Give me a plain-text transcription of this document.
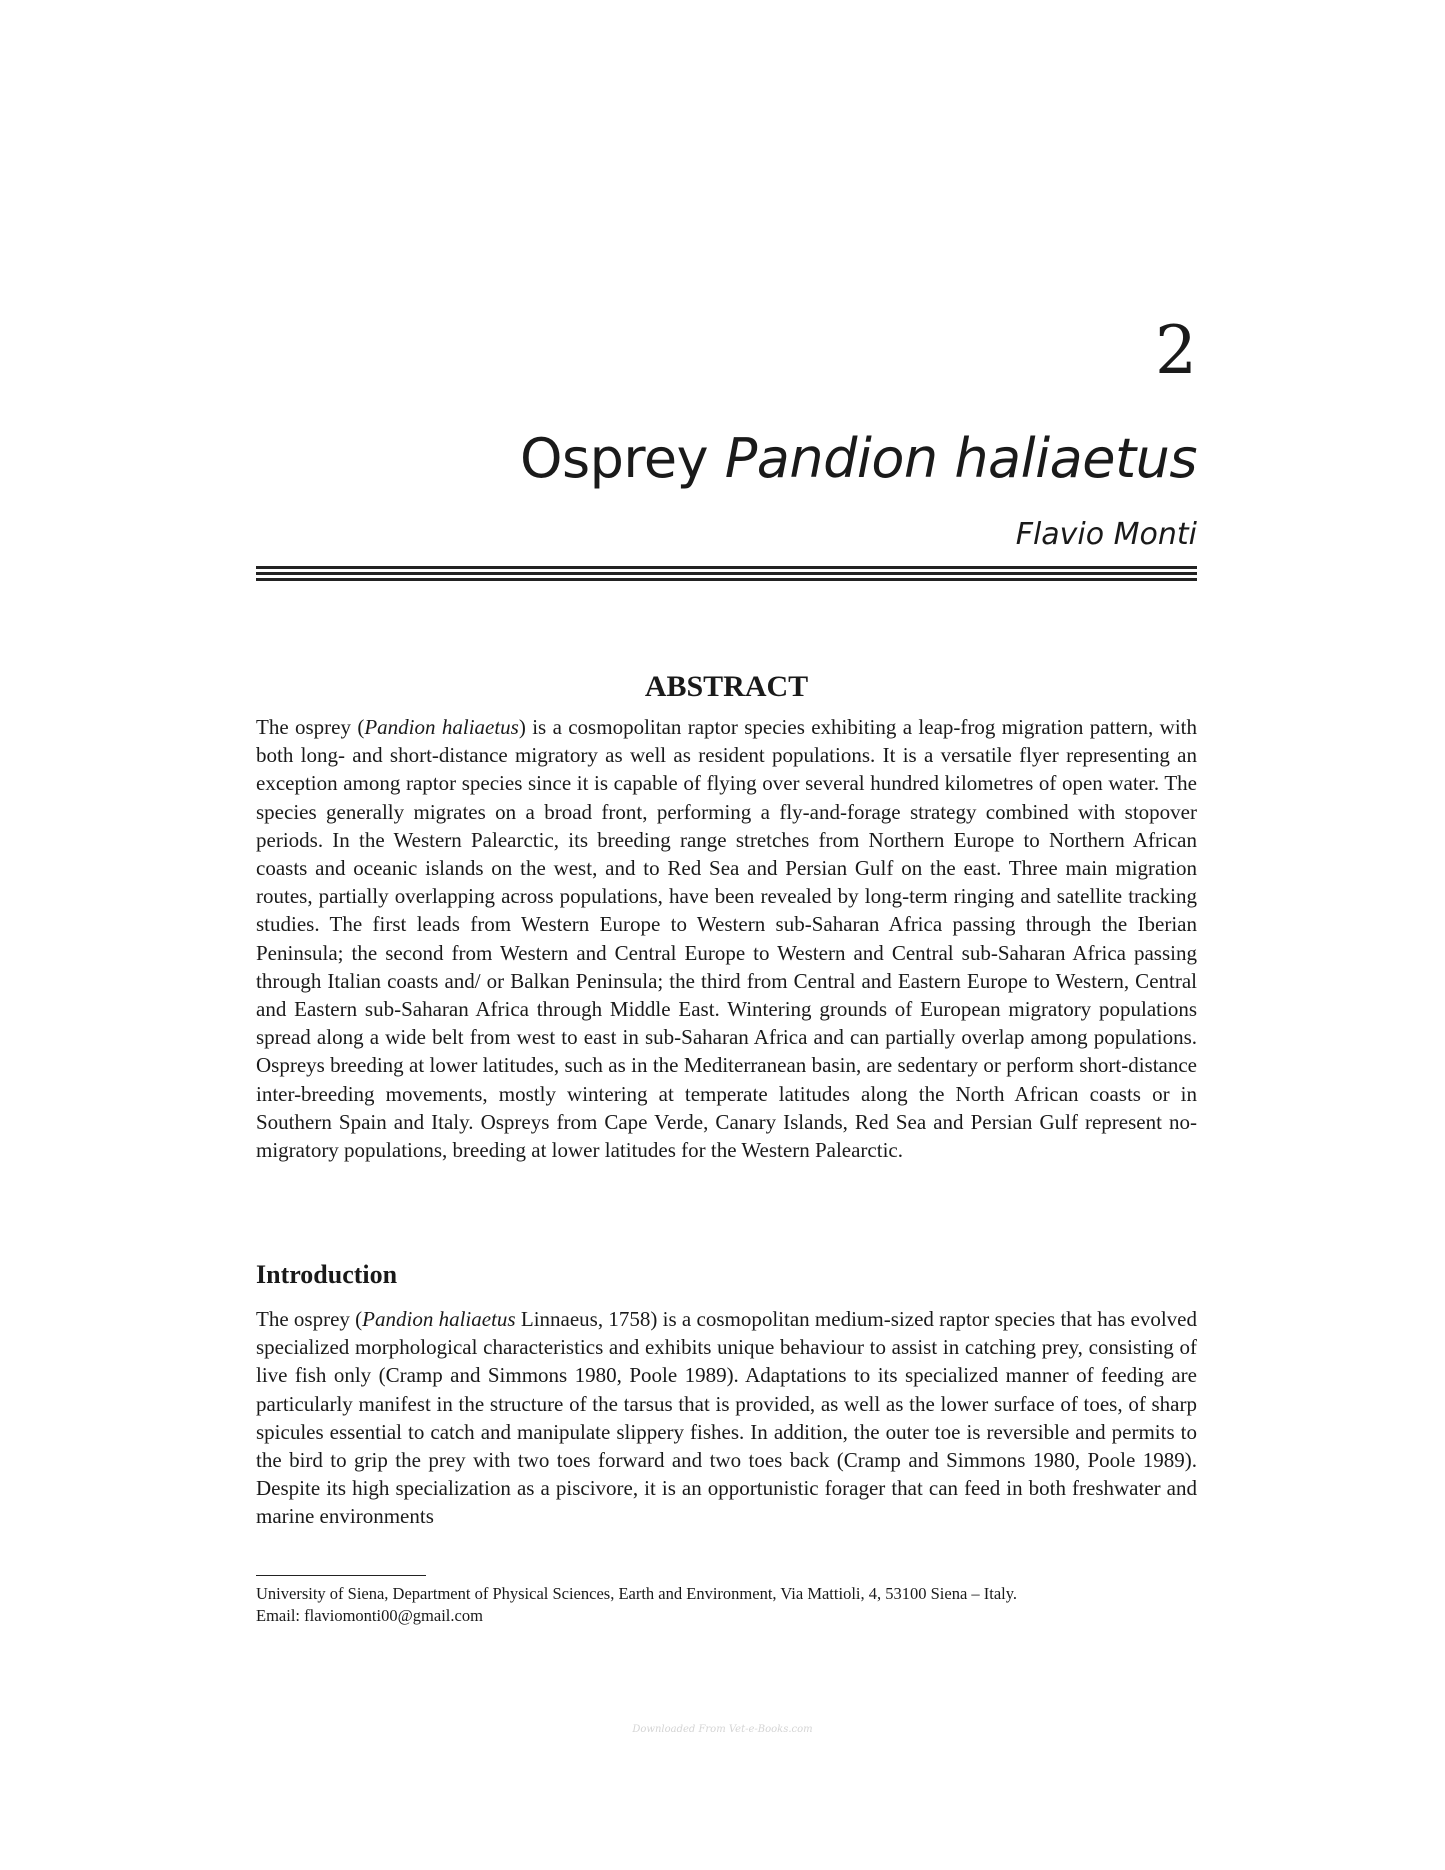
2
Osprey Pandion haliaetus
Flavio Monti
ABSTRACT

The osprey (Pandion haliaetus) is a cosmopolitan raptor species exhibiting a leap-frog migration pattern, with both long- and short-distance migratory as well as resident populations. It is a versatile flyer representing an exception among raptor species since it is capable of flying over several hundred kilometres of open water. The species generally migrates on a broad front, performing a fly-and-forage strategy combined with stopover periods. In the Western Palearctic, its breeding range stretches from Northern Europe to Northern African coasts and oceanic islands on the west, and to Red Sea and Persian Gulf on the east. Three main migration routes, partially overlapping across populations, have been revealed by long-term ringing and satellite tracking studies. The first leads from Western Europe to Western sub-Saharan Africa passing through the Iberian Peninsula; the second from Western and Central Europe to Western and Central sub-Saharan Africa passing through Italian coasts and/ or Balkan Peninsula; the third from Central and Eastern Europe to Western, Central and Eastern sub-Saharan Africa through Middle East. Wintering grounds of European migratory populations spread along a wide belt from west to east in sub-Saharan Africa and can partially overlap among populations. Ospreys breeding at lower latitudes, such as in the Mediterranean basin, are sedentary or perform short-distance inter-breeding movements, mostly wintering at temperate latitudes along the North African coasts or in Southern Spain and Italy. Ospreys from Cape Verde, Canary Islands, Red Sea and Persian Gulf represent no-migratory populations, breeding at lower latitudes for the Western Palearctic.

Introduction

The osprey (Pandion haliaetus Linnaeus, 1758) is a cosmopolitan medium-sized raptor species that has evolved specialized morphological characteristics and exhibits unique behaviour to assist in catching prey, consisting of live fish only (Cramp and Simmons 1980, Poole 1989). Adaptations to its specialized manner of feeding are particularly manifest in the structure of the tarsus that is provided, as well as the lower surface of toes, of sharp spicules essential to catch and manipulate slippery fishes. In addition, the outer toe is reversible and permits to the bird to grip the prey with two toes forward and two toes back (Cramp and Simmons 1980, Poole 1989). Despite its high specialization as a piscivore, it is an opportunistic forager that can feed in both freshwater and marine environments

University of Siena, Department of Physical Sciences, Earth and Environment, Via Mattioli, 4, 53100 Siena – Italy.
Email: flaviomonti00@gmail.com

Downloaded From Vet-e-Books.com
